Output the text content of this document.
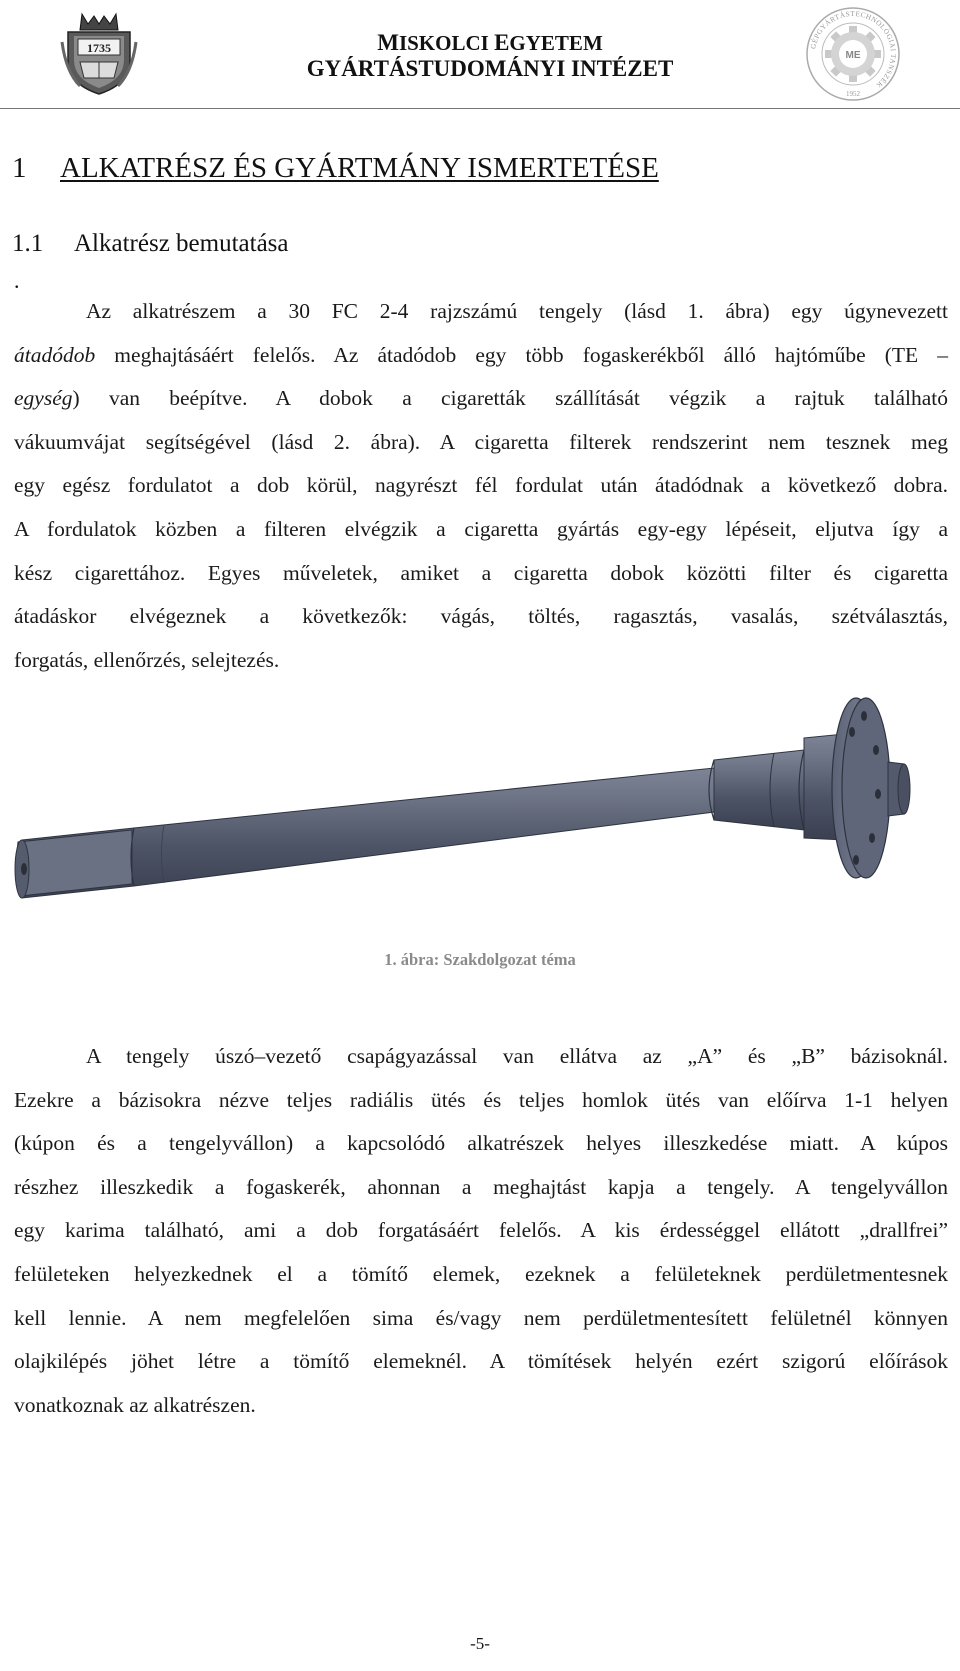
1735	MISKOLCI EGYETEM
GYÁRTÁSTUDOMÁNYI INTÉZET
GÉPGYÁRTÁSTECHNOLÓGIAI TANSZÉK
ME
1952
1 ALKATRÉSZ ÉS GYÁRTMÁNY ISMERTETÉSE
1.1 Alkatrész bemutatása
.
Az alkatrészem a 30 FC 2-4 rajzszámú tengely (lásd 1. ábra) egy úgynevezett
átadódob meghajtásáért felelős. Az átadódob egy több fogaskerékből álló hajtóműbe (TE –
egység) van beépítve. A dobok a cigaretták szállítását végzik a rajtuk található
vákuumvájat segítségével (lásd 2. ábra). A cigaretta filterek rendszerint nem tesznek meg
egy egész fordulatot a dob körül, nagyrészt fél fordulat után átadódnak a következő dobra.
A fordulatok közben a filteren elvégzik a cigaretta gyártás egy-egy lépéseit, eljutva így a
kész cigarettához. Egyes műveletek, amiket a cigaretta dobok közötti filter és cigaretta
átadáskor elvégeznek a következők: vágás, töltés, ragasztás, vasalás, szétválasztás,
forgatás, ellenőrzés, selejtezés.
1. ábra: Szakdolgozat téma
A tengely úszó–vezető csapágyazással van ellátva az „A” és „B” bázisoknál.
Ezekre a bázisokra nézve teljes radiális ütés és teljes homlok ütés van előírva 1-1 helyen
(kúpon és a tengelyvállon) a kapcsolódó alkatrészek helyes illeszkedése miatt. A kúpos
részhez illeszkedik a fogaskerék, ahonnan a meghajtást kapja a tengely. A tengelyvállon
egy karima található, ami a dob forgatásáért felelős. A kis érdességgel ellátott „drallfrei”
felületeken helyezkednek el a tömítő elemek, ezeknek a felületeknek perdületmentesnek
kell lennie. A nem megfelelően sima és/vagy nem perdületmentesített felületnél könnyen
olajkilépés jöhet létre a tömítő elemeknél. A tömítések helyén ezért szigorú előírások
vonatkoznak az alkatrészen.
-5-
